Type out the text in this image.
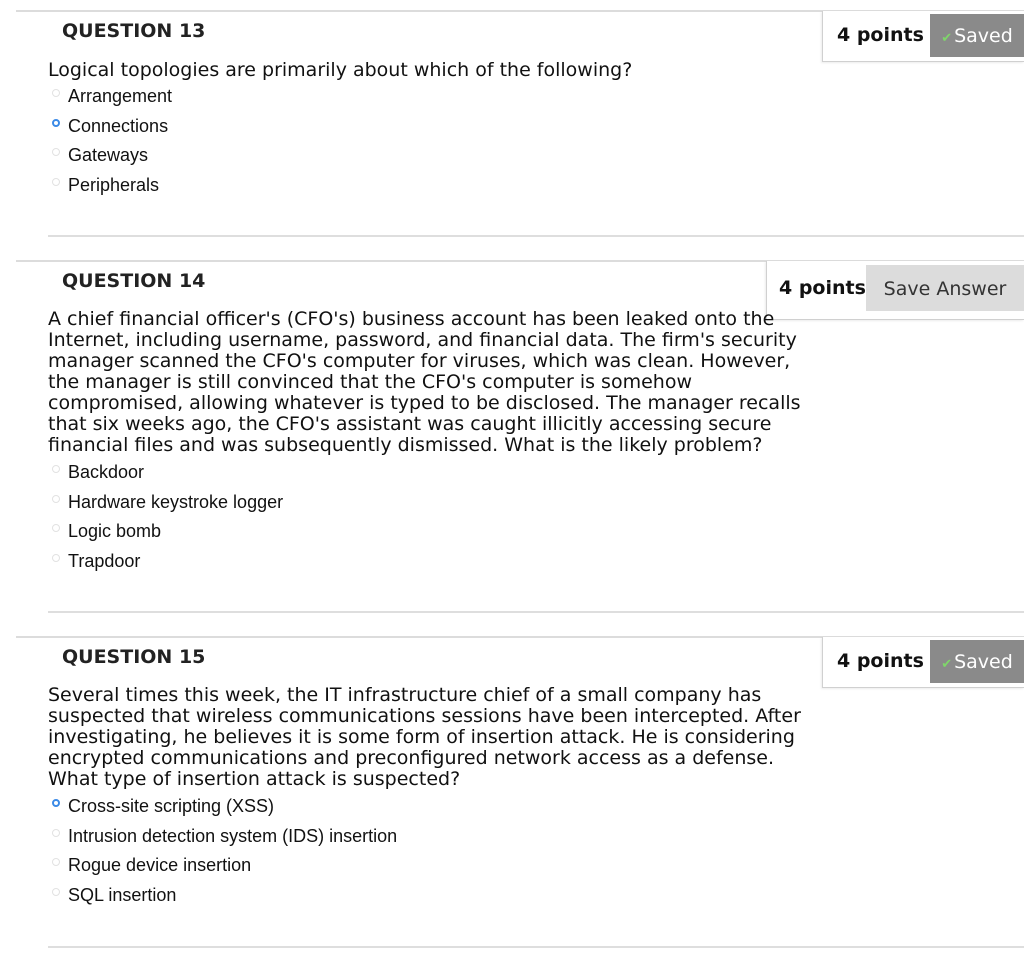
QUESTION 13	4 points	✔ Saved

Logical topologies are primarily about which of the following?

Arrangement
Connections
Gateways
Peripherals
QUESTION 14	4 points Save Answer

A chief financial officer's (CFO's) business account has been leaked onto the Internet, including username, password, and financial data. The firm's security manager scanned the CFO's computer for viruses, which was clean. However, the manager is still convinced that the CFO's computer is somehow compromised, allowing whatever is typed to be disclosed. The manager recalls that six weeks ago, the CFO's assistant was caught illicitly accessing secure financial files and was subsequently dismissed. What is the likely problem?

Backdoor
Hardware keystroke logger
Logic bomb
Trapdoor
QUESTION 15	4 points	✔ Saved

Several times this week, the IT infrastructure chief of a small company has suspected that wireless communications sessions have been intercepted. After investigating, he believes it is some form of insertion attack. He is considering encrypted communications and preconfigured network access as a defense. What type of insertion attack is suspected?

Cross-site scripting (XSS)
Intrusion detection system (IDS) insertion
Rogue device insertion
SQL insertion
